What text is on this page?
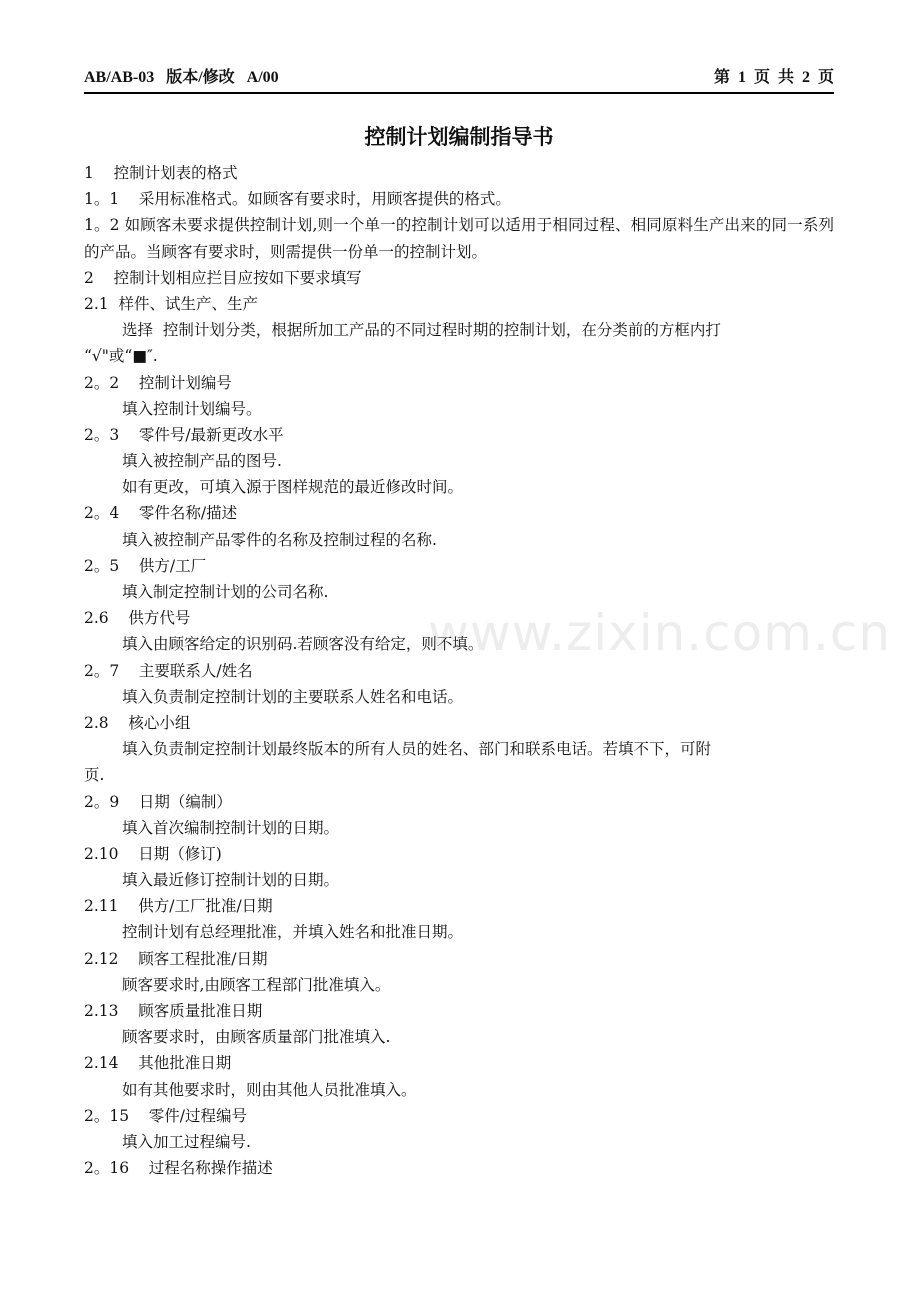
AB/AB-03   版本/修改   A/00	第  1  页  共  2  页
控制计划编制指导书
1    控制计划表的格式
1。1    采用标准格式。如顾客有要求时，用顾客提供的格式。
1。2 如顾客未要求提供控制计划,则一个单一的控制计划可以适用于相同过程、相同原料生产出来的同一系列的产品。当顾客有要求时，则需提供一份单一的控制计划。
2    控制计划相应拦目应按如下要求填写
2.1  样件、试生产、生产
选择  控制计划分类，根据所加工产品的不同过程时期的控制计划，在分类前的方框内打
“√"或“■″.
2。2    控制计划编号
填入控制计划编号。
2。3    零件号/最新更改水平
填入被控制产品的图号.
如有更改，可填入源于图样规范的最近修改时间。
2。4    零件名称/描述
填入被控制产品零件的名称及控制过程的名称.
2。5    供方/工厂
填入制定控制计划的公司名称.
2.6    供方代号
填入由顾客给定的识别码.若顾客没有给定，则不填。
2。7    主要联系人/姓名
填入负责制定控制计划的主要联系人姓名和电话。
2.8    核心小组
填入负责制定控制计划最终版本的所有人员的姓名、部门和联系电话。若填不下，可附
页.
2。9    日期（编制）
填入首次编制控制计划的日期。
2.10    日期（修订)
填入最近修订控制计划的日期。
2.11    供方/工厂批准/日期
控制计划有总经理批准，并填入姓名和批准日期。
2.12    顾客工程批准/日期
顾客要求时,由顾客工程部门批准填入。
2.13    顾客质量批准日期
顾客要求时，由顾客质量部门批准填入.
2.14    其他批准日期
如有其他要求时，则由其他人员批准填入。
2。15    零件/过程编号
填入加工过程编号.
2。16    过程名称操作描述
www.zixin.com.cn
